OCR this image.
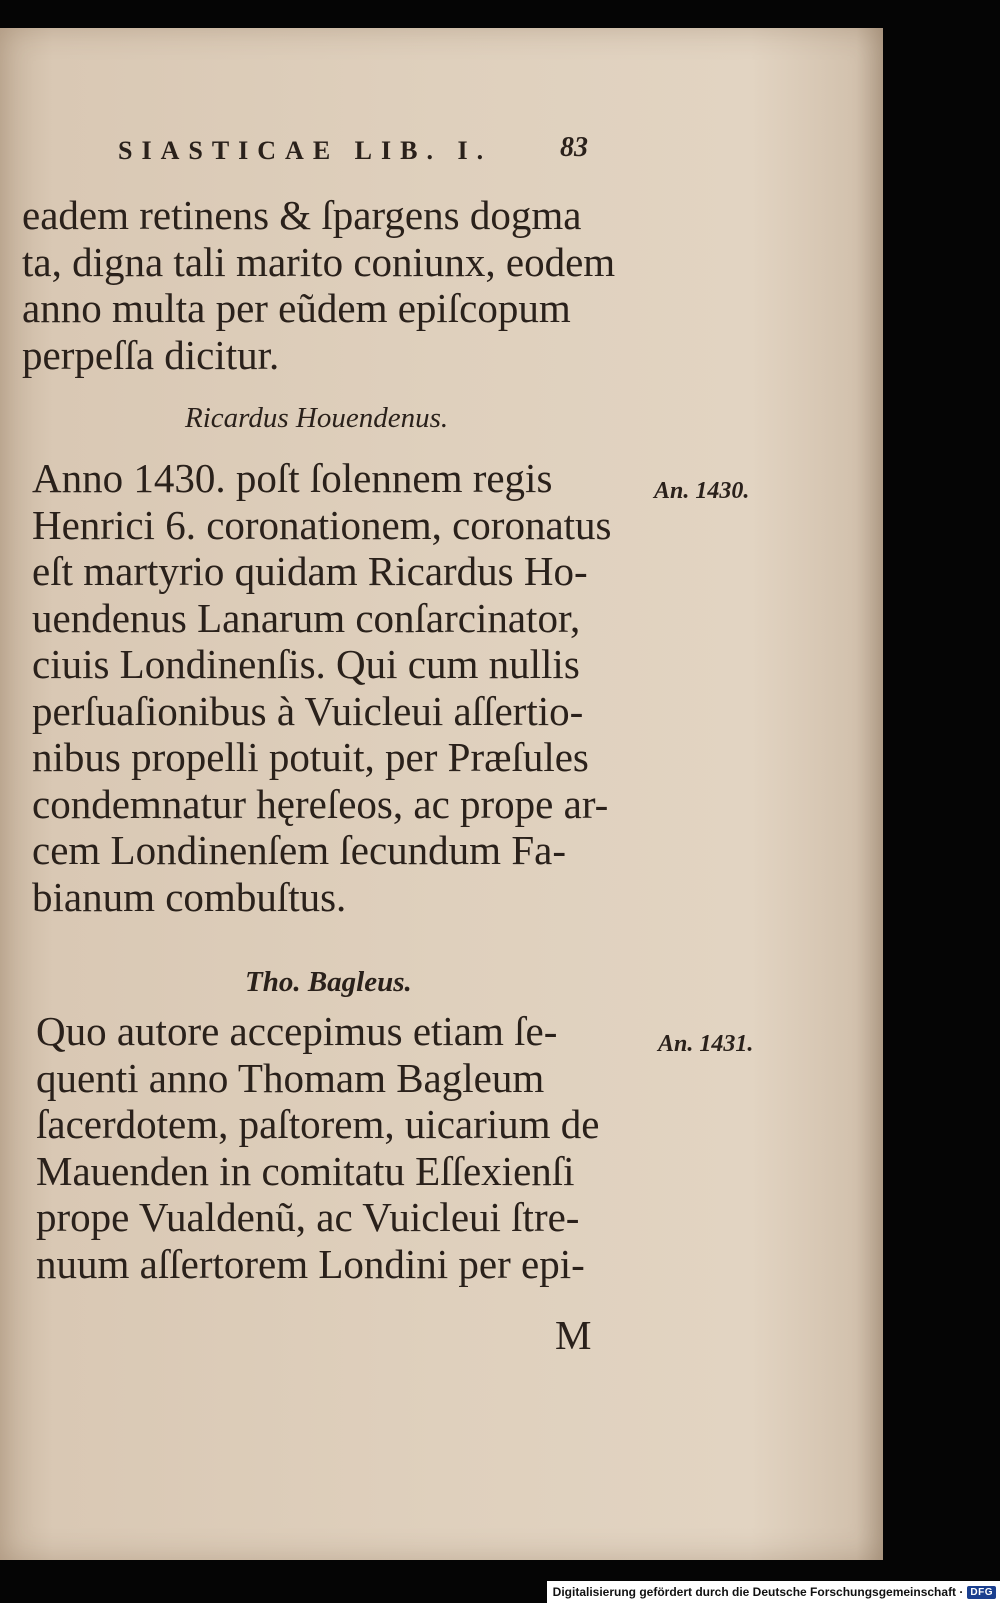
SIASTICAE LIB. I. 83
eadem retinens & ſpargens dogma
ta, digna tali marito coniunx, eodem
anno multa per eũdem epiſcopum
perpeſſa dicitur.
Ricardus Houendenus.
Anno 1430. poſt ſolennem regis
Henrici 6. coronationem, coronatus
eſt martyrio quidam Ricardus Ho-
uendenus Lanarum conſarcinator,
ciuis Londinenſis. Qui cum nullis
perſuaſionibus à Vuicleui aſſertio-
nibus propelli potuit, per Præſules
condemnatur hęreſeos, ac prope ar-
cem Londinenſem ſecundum Fa-
bianum combuſtus.
An. 1430.
Tho. Bagleus.
Quo autore accepimus etiam ſe-
quenti anno Thomam Bagleum
ſacerdotem, paſtorem, uicarium de
Mauenden in comitatu Eſſexienſi
prope Vualdenũ, ac Vuicleui ſtre-
nuum aſſertorem Londini per epi-
An. 1431.
M
Digitalisierung gefördert durch die Deutsche Forschungsgemeinschaft · DFG
